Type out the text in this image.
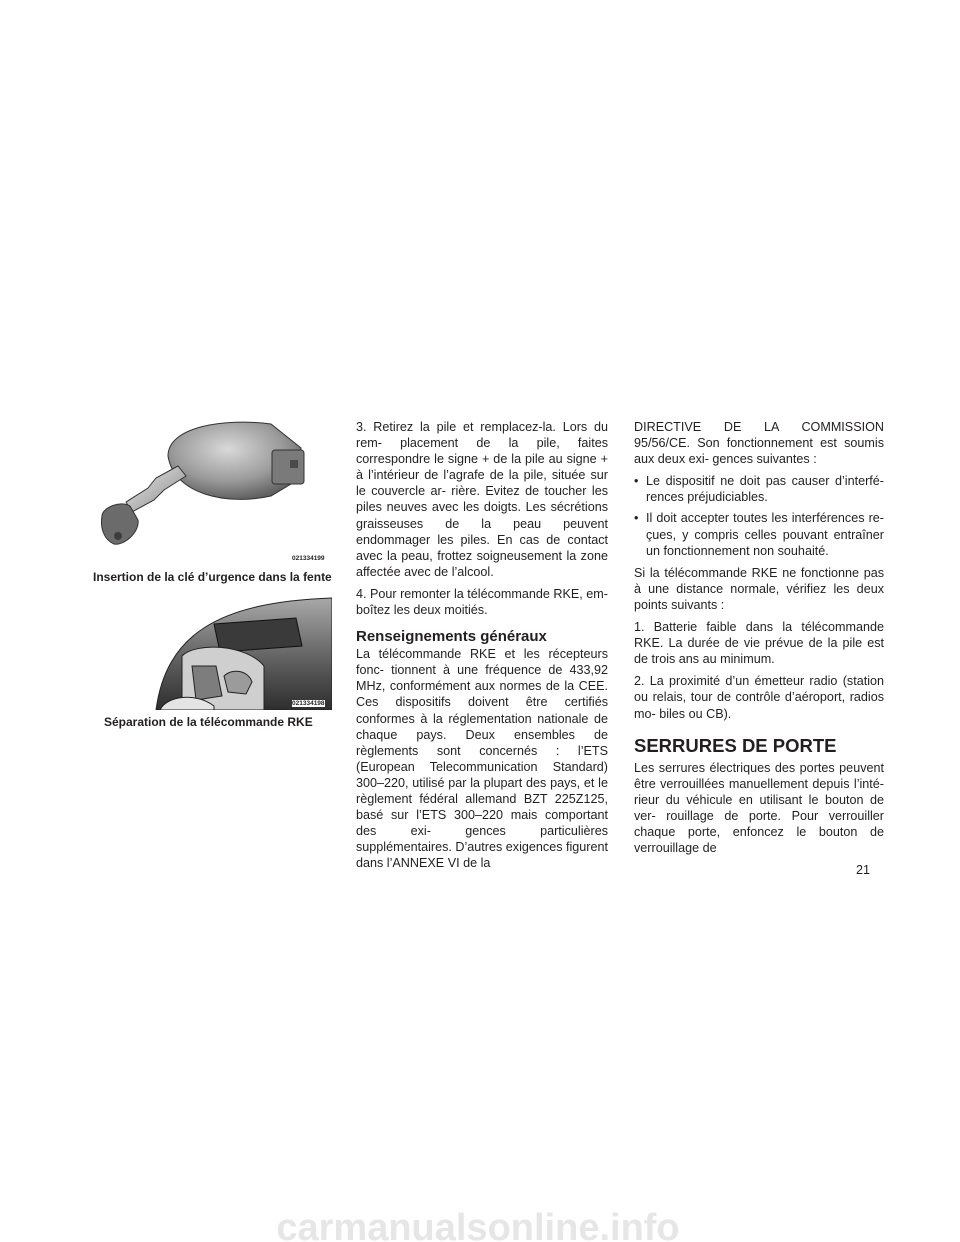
021334199
Insertion de la clé d’urgence dans la fente
021334198
Séparation de la télécommande RKE

3. Retirez la pile et remplacez-la. Lors du rem- placement de la pile, faites correspondre le signe + de la pile au signe + à l’intérieur de l’agrafe de la pile, située sur le couvercle ar- rière. Evitez de toucher les piles neuves avec les doigts. Les sécrétions graisseuses de la peau peuvent endommager les piles. En cas de contact avec la peau, frottez soigneusement la zone affectée avec de l’alcool.

4. Pour remonter la télécommande RKE, em- boîtez les deux moitiés.

Renseignements généraux

La télécommande RKE et les récepteurs fonc- tionnent à une fréquence de 433,92 MHz, conformément aux normes de la CEE. Ces dispositifs doivent être certifiés conformes à la réglementation nationale de chaque pays. Deux ensembles de règlements sont concernés : l’ETS (European Telecommunication Standard) 300–220, utilisé par la plupart des pays, et le règlement fédéral allemand BZT 225Z125, basé sur l’ETS 300–220 mais comportant des exi- gences particulières supplémentaires. D’autres exigences figurent dans l’ANNEXE VI de la

DIRECTIVE DE LA COMMISSION 95/56/CE. Son fonctionnement est soumis aux deux exi- gences suivantes :

• Le dispositif ne doit pas causer d’interfé- rences préjudiciables.
• Il doit accepter toutes les interférences re- çues, y compris celles pouvant entraîner un fonctionnement non souhaité.

Si la télécommande RKE ne fonctionne pas à une distance normale, vérifiez les deux points suivants :

1. Batterie faible dans la télécommande RKE. La durée de vie prévue de la pile est de trois ans au minimum.

2. La proximité d’un émetteur radio (station ou relais, tour de contrôle d’aéroport, radios mo- biles ou CB).

SERRURES DE PORTE

Les serrures électriques des portes peuvent être verrouillées manuellement depuis l’inté- rieur du véhicule en utilisant le bouton de ver- rouillage de porte. Pour verrouiller chaque porte, enfoncez le bouton de verrouillage de

21
carmanualsonline.info
